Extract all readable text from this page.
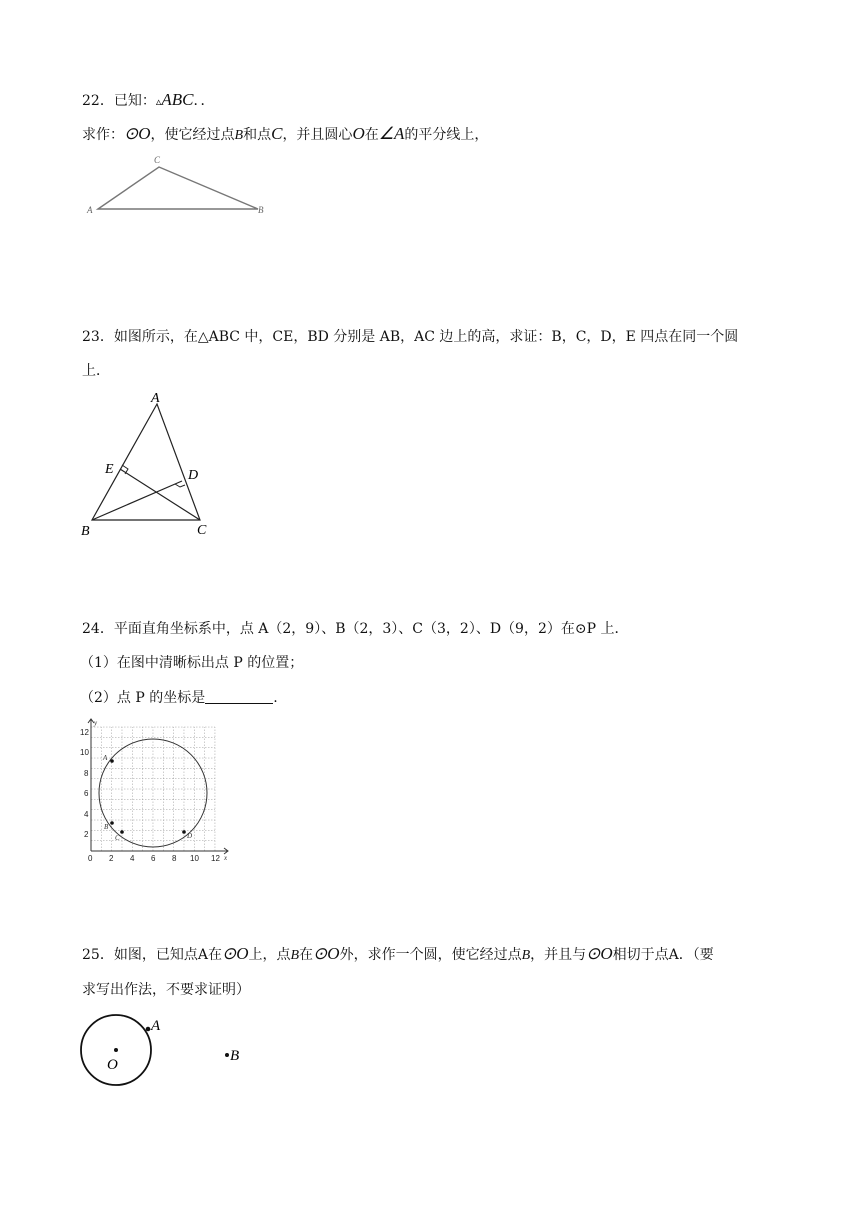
22．已知：▵ABC．．
求作：⊙O，使它经过点B和点C，并且圆心O在∠A的平分线上，
A
C
B
23．如图所示，在△ABC 中，CE，BD 分别是 AB，AC 边上的高，求证：B，C，D，E 四点在同一个圆
上．
A
E	D
B	C
24．平面直角坐标系中，点 A（2，9）、B（2，3）、C（3，2）、D（9，2）在⊙P 上．
（1）在图中清晰标出点 P 的位置；
（2）点 P 的坐标是	.
y
x
12
10
8
6
4
2
0 2 4 6 8 10 12
A
B
C	D
25．如图，已知点A在⊙O上，点B在⊙O外，求作一个圆，使它经过点B，并且与⊙O相切于点A．（要
求写出作法，不要求证明）
A
O
B
